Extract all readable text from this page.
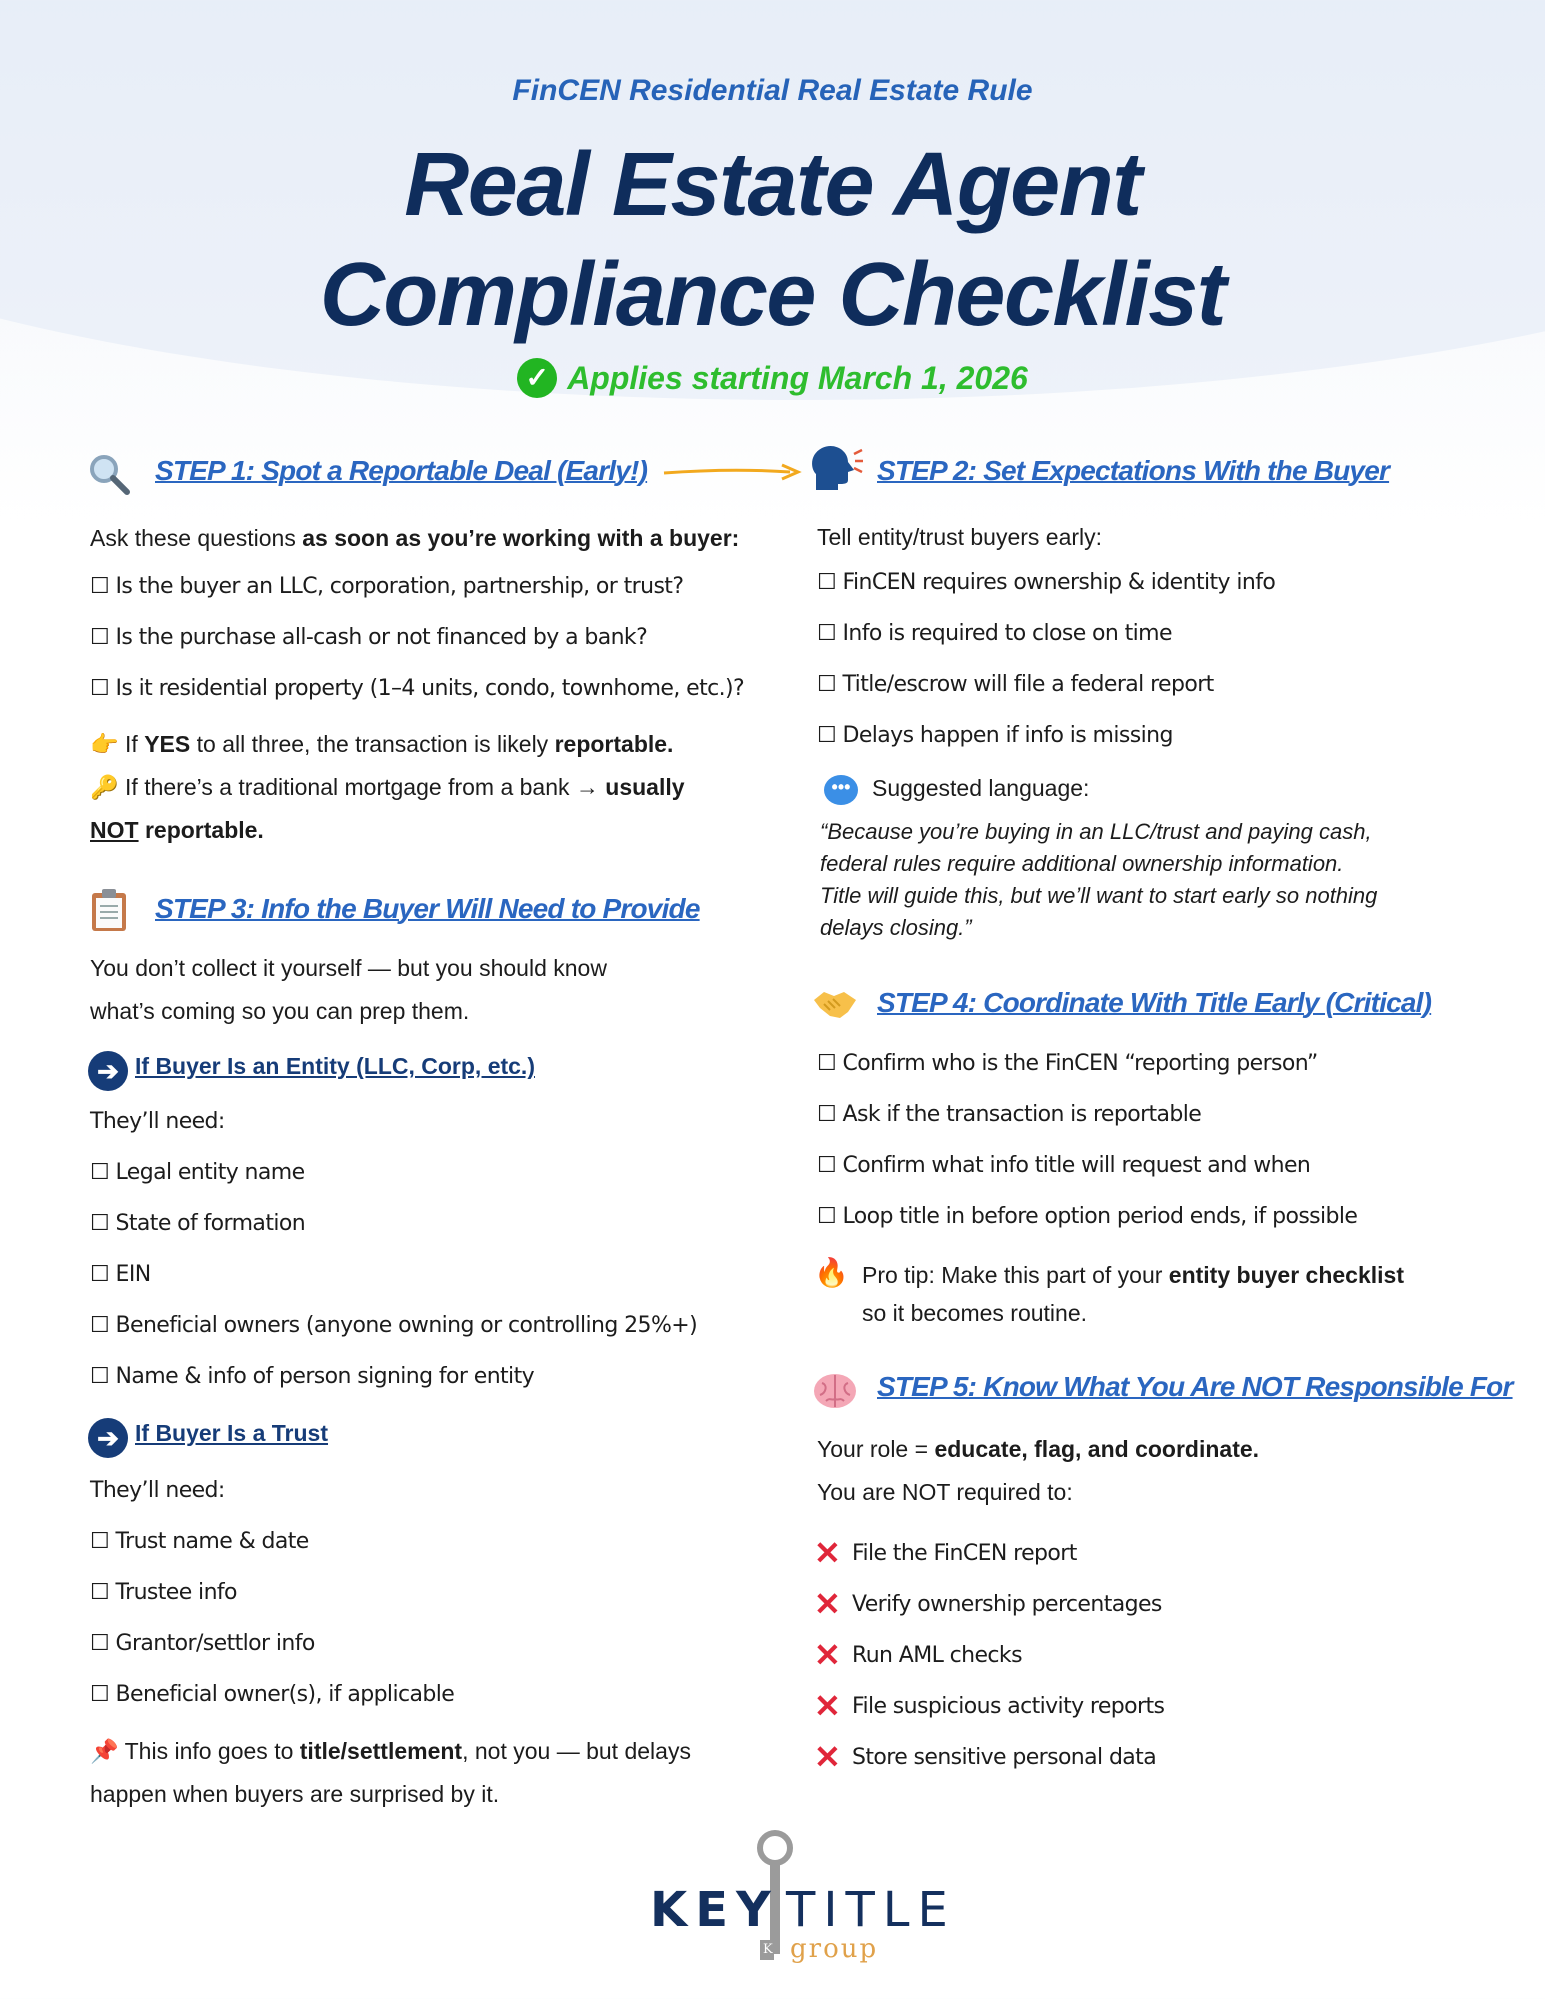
FinCEN Residential Real Estate Rule
Real Estate Agent
Compliance Checklist
✓ Applies starting March 1, 2026
STEP 1: Spot a Reportable Deal (Early!)
Ask these questions as soon as you’re working with a buyer:
☐ Is the buyer an LLC, corporation, partnership, or trust?
☐ Is the purchase all-cash or not financed by a bank?
☐ Is it residential property (1–4 units, condo, townhome, etc.)?
👉 If YES to all three, the transaction is likely reportable.
🔑 If there’s a traditional mortgage from a bank → usually
NOT reportable.
STEP 3: Info the Buyer Will Need to Provide
You don’t collect it yourself — but you should know
what’s coming so you can prep them.
➔ If Buyer Is an Entity (LLC, Corp, etc.)
They’ll need:
☐ Legal entity name
☐ State of formation
☐ EIN
☐ Beneficial owners (anyone owning or controlling 25%+)
☐ Name & info of person signing for entity
➔ If Buyer Is a Trust
They’ll need:
☐ Trust name & date
☐ Trustee info
☐ Grantor/settlor info
☐ Beneficial owner(s), if applicable
📌 This info goes to title/settlement, not you — but delays
happen when buyers are surprised by it.
STEP 2: Set Expectations With the Buyer
Tell entity/trust buyers early:
☐ FinCEN requires ownership & identity info
☐ Info is required to close on time
☐ Title/escrow will file a federal report
☐ Delays happen if info is missing
••• Suggested language:
“Because you’re buying in an LLC/trust and paying cash,
federal rules require additional ownership information.
Title will guide this, but we’ll want to start early so nothing
delays closing.”
STEP 4: Coordinate With Title Early (Critical)
☐ Confirm who is the FinCEN “reporting person”
☐ Ask if the transaction is reportable
☐ Confirm what info title will request and when
☐ Loop title in before option period ends, if possible
🔥 Pro tip: Make this part of your entity buyer checklist
so it becomes routine.
STEP 5: Know What You Are NOT Responsible For
Your role = educate, flag, and coordinate.
You are NOT required to:
✕ File the FinCEN report
✕ Verify ownership percentages
✕ Run AML checks
✕ File suspicious activity reports
✕ Store sensitive personal data
K
KEY TITLE
group
